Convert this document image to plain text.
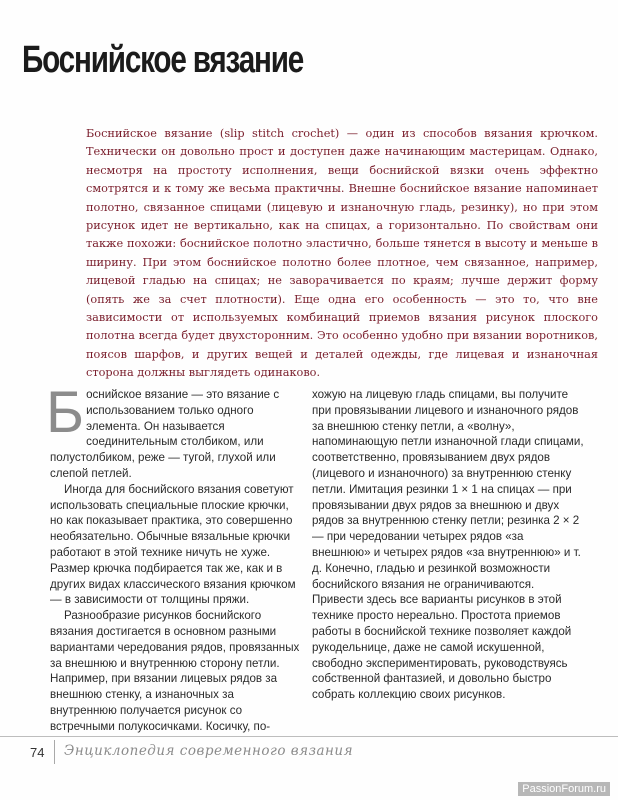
Боснийское вязание
Боснийское вязание (slip stitch crochet) — один из способов вязания крючком. Технически он довольно прост и доступен даже начинающим мастерицам. Однако, несмотря на простоту исполнения, вещи боснийской вязки очень эффектно смотрятся и к тому же весьма практичны. Внешне боснийское вязание напоминает полотно, связанное спицами (лицевую и изнаночную гладь, резинку), но при этом рисунок идет не вертикально, как на спицах, а горизонтально. По свойствам они также похожи: боснийское полотно эластично, больше тянется в высоту и меньше в ширину. При этом боснийское полотно более плотное, чем связанное, например, лицевой гладью на спицах; не заворачивается по краям; лучше держит форму (опять же за счет плотности). Еще одна его особенность — это то, что вне зависимости от используемых комбинаций приемов вязания рисунок плоского полотна всегда будет двухсторонним. Это особенно удобно при вязании воротников, поясов шарфов, и других вещей и деталей одежды, где лицевая и изнаночная сторона должны выглядеть одинаково.

Боснийское вязание — это вязание с использованием только одного элемента. Он называется соединительным столбиком, или полустолбиком, реже — тугой, глухой или слепой петлей.

Иногда для боснийского вязания советуют использовать специальные плоские крючки, но как показывает практика, это совершенно необязательно. Обычные вязальные крючки работают в этой технике ничуть не хуже. Размер крючка подбирается так же, как и в других видах классического вязания крючком — в зависимости от толщины пряжи.

Разнообразие рисунков боснийского вязания достигается в основном разными вариантами чередования рядов, провязанных за внешнюю и внутреннюю сторону петли. Например, при вязании лицевых рядов за внешнюю стенку, а изнаночных за внутреннюю получается рисунок со встречными полукосичками. Косичку, по-

хожую на лицевую гладь спицами, вы получите при провязывании лицевого и изнаночного рядов за внешнюю стенку петли, а «волну», напоминающую петли изнаночной глади спицами, соответственно, провязыванием двух рядов (лицевого и изнаночного) за внутреннюю стенку петли. Имитация резинки 1 × 1 на спицах — при провязывании двух рядов за внешнюю и двух рядов за внутреннюю стенку петли; резинка 2 × 2 — при чередовании четырех рядов «за внешнюю» и четырех рядов «за внутреннюю» и т. д. Конечно, гладью и резинкой возможности боснийского вязания не ограничиваются. Привести здесь все варианты рисунков в этой технике просто нереально. Простота приемов работы в боснийской технике позволяет каждой рукодельнице, даже не самой искушенной, свободно экспериментировать, руководствуясь собственной фантазией, и довольно быстро собрать коллекцию своих рисунков.

74 Энциклопедия современного вязания
PassionForum.ru
